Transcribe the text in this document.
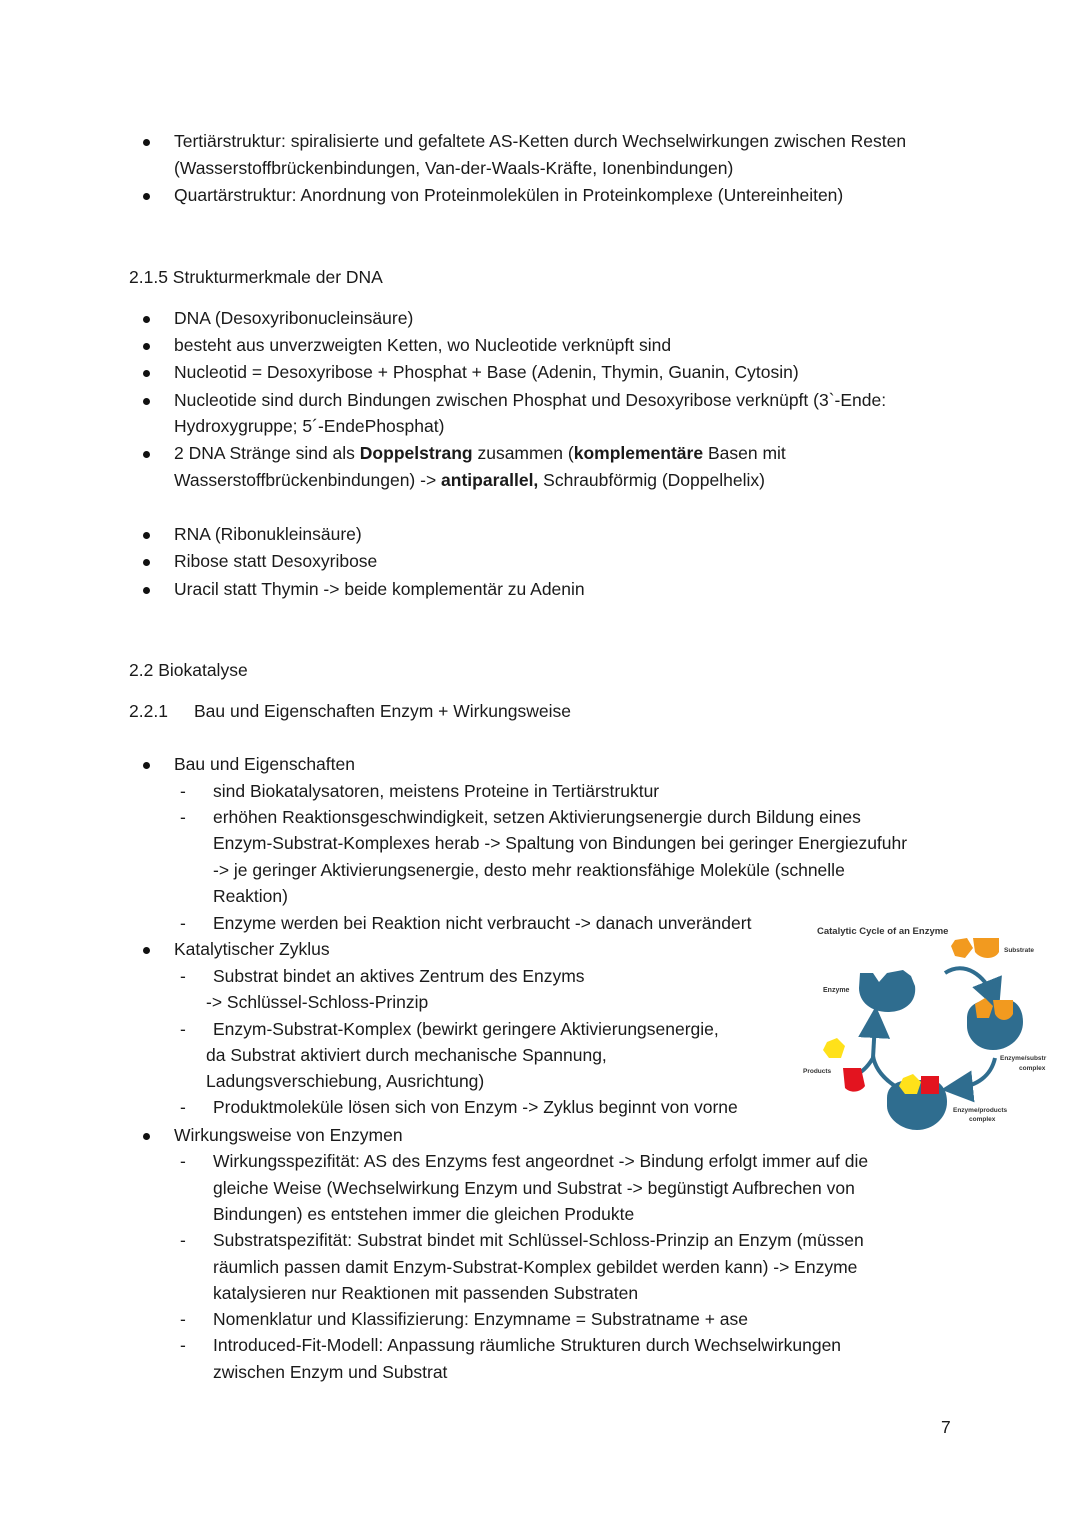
Tertiärstruktur: spiralisierte und gefaltete AS-Ketten durch Wechselwirkungen zwischen Resten
(Wasserstoffbrückenbindungen, Van-der-Waals-Kräfte, Ionenbindungen)
Quartärstruktur: Anordnung von Proteinmolekülen in Proteinkomplexe (Untereinheiten)
2.1.5 Strukturmerkmale der DNA
DNA (Desoxyribonucleinsäure)
besteht aus unverzweigten Ketten, wo Nucleotide verknüpft sind
Nucleotid = Desoxyribose + Phosphat + Base (Adenin, Thymin, Guanin, Cytosin)
Nucleotide sind durch Bindungen zwischen Phosphat und Desoxyribose verknüpft (3`-Ende:
Hydroxygruppe; 5´-EndePhosphat)
2 DNA Stränge sind als Doppelstrang zusammen (komplementäre Basen mit
Wasserstoffbrückenbindungen) -> antiparallel, Schraubförmig (Doppelhelix)
RNA (Ribonukleinsäure)
Ribose statt Desoxyribose
Uracil statt Thymin -> beide komplementär zu Adenin
2.2 Biokatalyse
2.2.1 Bau und Eigenschaften Enzym + Wirkungsweise
Bau und Eigenschaften
- sind Biokatalysatoren, meistens Proteine in Tertiärstruktur
- erhöhen Reaktionsgeschwindigkeit, setzen Aktivierungsenergie durch Bildung eines
Enzym-Substrat-Komplexes herab -> Spaltung von Bindungen bei geringer Energiezufuhr
-> je geringer Aktivierungsenergie, desto mehr reaktionsfähige Moleküle (schnelle
Reaktion)
- Enzyme werden bei Reaktion nicht verbraucht -> danach unverändert
Katalytischer Zyklus
- Substrat bindet an aktives Zentrum des Enzyms
-> Schlüssel-Schloss-Prinzip
- Enzym-Substrat-Komplex (bewirkt geringere Aktivierungsenergie,
da Substrat aktiviert durch mechanische Spannung,
Ladungsverschiebung, Ausrichtung)
- Produktmoleküle lösen sich von Enzym -> Zyklus beginnt von vorne
Wirkungsweise von Enzymen
- Wirkungsspezifität: AS des Enzyms fest angeordnet -> Bindung erfolgt immer auf die
gleiche Weise (Wechselwirkung Enzym und Substrat -> begünstigt Aufbrechen von
Bindungen) es entstehen immer die gleichen Produkte
- Substratspezifität: Substrat bindet mit Schlüssel-Schloss-Prinzip an Enzym (müssen
räumlich passen damit Enzym-Substrat-Komplex gebildet werden kann) -> Enzyme
katalysieren nur Reaktionen mit passenden Substraten
- Nomenklatur und Klassifizierung: Enzymname = Substratname + ase
- Introduced-Fit-Modell: Anpassung räumliche Strukturen durch Wechselwirkungen
zwischen Enzym und Substrat
Catalytic Cycle of an Enzyme
Enzyme
Substrate
Enzyme/substr
complex
Enzyme/products
complex
Products
7
